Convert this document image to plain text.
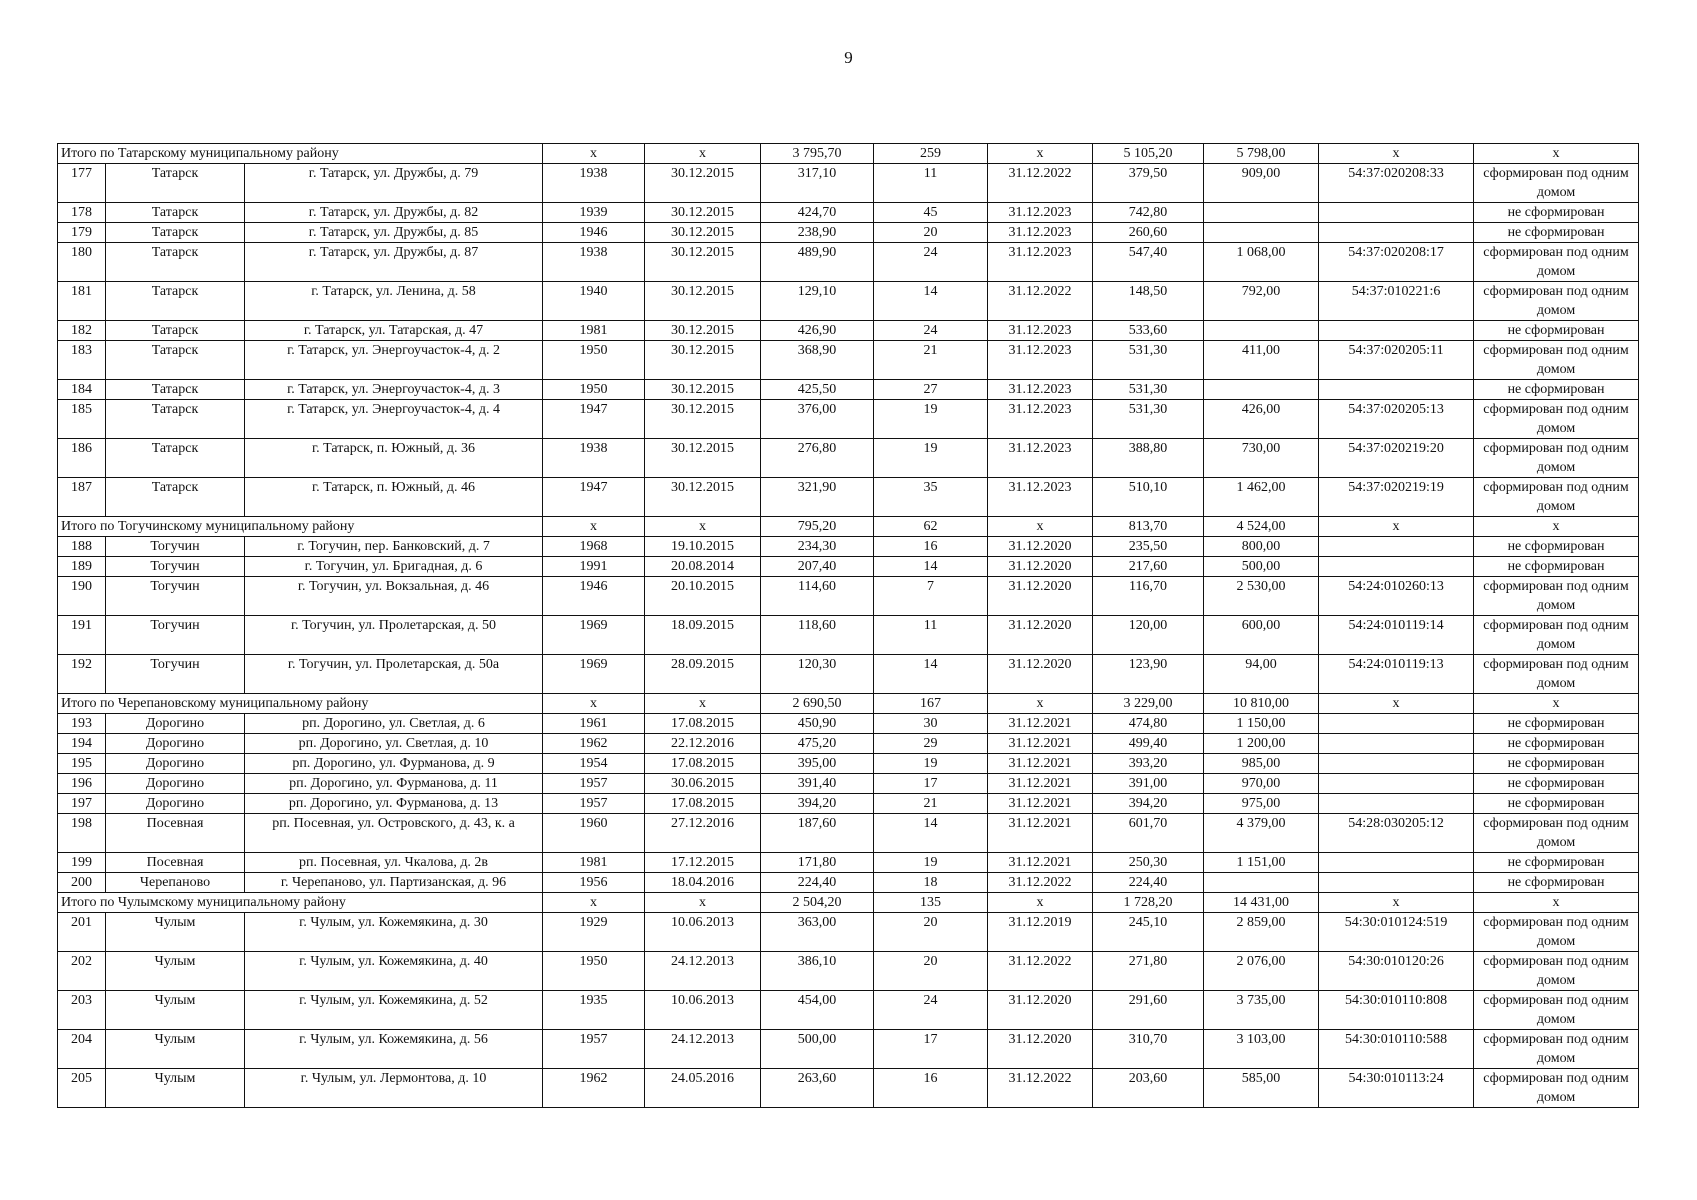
9
Итого по Татарскому муниципальному району			х	х	3 795,70	259	х	5 105,20	5 798,00	х	х
177	Татарск	г. Татарск, ул. Дружбы, д. 79	1938	30.12.2015	317,10	11	31.12.2022	379,50	909,00	54:37:020208:33	сформирован под одним домом
178	Татарск	г. Татарск, ул. Дружбы, д. 82	1939	30.12.2015	424,70	45	31.12.2023	742,80			не сформирован
179	Татарск	г. Татарск, ул. Дружбы, д. 85	1946	30.12.2015	238,90	20	31.12.2023	260,60			не сформирован
180	Татарск	г. Татарск, ул. Дружбы, д. 87	1938	30.12.2015	489,90	24	31.12.2023	547,40	1 068,00	54:37:020208:17	сформирован под одним домом
181	Татарск	г. Татарск, ул. Ленина, д. 58	1940	30.12.2015	129,10	14	31.12.2022	148,50	792,00	54:37:010221:6	сформирован под одним домом
182	Татарск	г. Татарск, ул. Татарская, д. 47	1981	30.12.2015	426,90	24	31.12.2023	533,60			не сформирован
183	Татарск	г. Татарск, ул. Энергоучасток-4, д. 2	1950	30.12.2015	368,90	21	31.12.2023	531,30	411,00	54:37:020205:11	сформирован под одним домом
184	Татарск	г. Татарск, ул. Энергоучасток-4, д. 3	1950	30.12.2015	425,50	27	31.12.2023	531,30			не сформирован
185	Татарск	г. Татарск, ул. Энергоучасток-4, д. 4	1947	30.12.2015	376,00	19	31.12.2023	531,30	426,00	54:37:020205:13	сформирован под одним домом
186	Татарск	г. Татарск, п. Южный, д. 36	1938	30.12.2015	276,80	19	31.12.2023	388,80	730,00	54:37:020219:20	сформирован под одним домом
187	Татарск	г. Татарск, п. Южный, д. 46	1947	30.12.2015	321,90	35	31.12.2023	510,10	1 462,00	54:37:020219:19	сформирован под одним домом
Итого по Тогучинскому муниципальному району			х	х	795,20	62	х	813,70	4 524,00	х	х
188	Тогучин	г. Тогучин, пер. Банковский, д. 7	1968	19.10.2015	234,30	16	31.12.2020	235,50	800,00		не сформирован
189	Тогучин	г. Тогучин, ул. Бригадная, д. 6	1991	20.08.2014	207,40	14	31.12.2020	217,60	500,00		не сформирован
190	Тогучин	г. Тогучин, ул. Вокзальная, д. 46	1946	20.10.2015	114,60	7	31.12.2020	116,70	2 530,00	54:24:010260:13	сформирован под одним домом
191	Тогучин	г. Тогучин, ул. Пролетарская, д. 50	1969	18.09.2015	118,60	11	31.12.2020	120,00	600,00	54:24:010119:14	сформирован под одним домом
192	Тогучин	г. Тогучин, ул. Пролетарская, д. 50а	1969	28.09.2015	120,30	14	31.12.2020	123,90	94,00	54:24:010119:13	сформирован под одним домом
Итого по Черепановскому муниципальному району			х	х	2 690,50	167	х	3 229,00	10 810,00	х	х
193	Дорогино	рп. Дорогино, ул. Светлая, д. 6	1961	17.08.2015	450,90	30	31.12.2021	474,80	1 150,00		не сформирован
194	Дорогино	рп. Дорогино, ул. Светлая, д. 10	1962	22.12.2016	475,20	29	31.12.2021	499,40	1 200,00		не сформирован
195	Дорогино	рп. Дорогино, ул. Фурманова, д. 9	1954	17.08.2015	395,00	19	31.12.2021	393,20	985,00		не сформирован
196	Дорогино	рп. Дорогино, ул. Фурманова, д. 11	1957	30.06.2015	391,40	17	31.12.2021	391,00	970,00		не сформирован
197	Дорогино	рп. Дорогино, ул. Фурманова, д. 13	1957	17.08.2015	394,20	21	31.12.2021	394,20	975,00		не сформирован
198	Посевная	рп. Посевная, ул. Островского, д. 43, к. а	1960	27.12.2016	187,60	14	31.12.2021	601,70	4 379,00	54:28:030205:12	сформирован под одним домом
199	Посевная	рп. Посевная, ул. Чкалова, д. 2в	1981	17.12.2015	171,80	19	31.12.2021	250,30	1 151,00		не сформирован
200	Черепаново	г. Черепаново, ул. Партизанская, д. 96	1956	18.04.2016	224,40	18	31.12.2022	224,40			не сформирован
Итого по Чулымскому муниципальному району			х	х	2 504,20	135	х	1 728,20	14 431,00	х	х
201	Чулым	г. Чулым, ул. Кожемякина, д. 30	1929	10.06.2013	363,00	20	31.12.2019	245,10	2 859,00	54:30:010124:519	сформирован под одним домом
202	Чулым	г. Чулым, ул. Кожемякина, д. 40	1950	24.12.2013	386,10	20	31.12.2022	271,80	2 076,00	54:30:010120:26	сформирован под одним домом
203	Чулым	г. Чулым, ул. Кожемякина, д. 52	1935	10.06.2013	454,00	24	31.12.2020	291,60	3 735,00	54:30:010110:808	сформирован под одним домом
204	Чулым	г. Чулым, ул. Кожемякина, д. 56	1957	24.12.2013	500,00	17	31.12.2020	310,70	3 103,00	54:30:010110:588	сформирован под одним домом
205	Чулым	г. Чулым, ул. Лермонтова, д. 10	1962	24.05.2016	263,60	16	31.12.2022	203,60	585,00	54:30:010113:24	сформирован под одним домом
